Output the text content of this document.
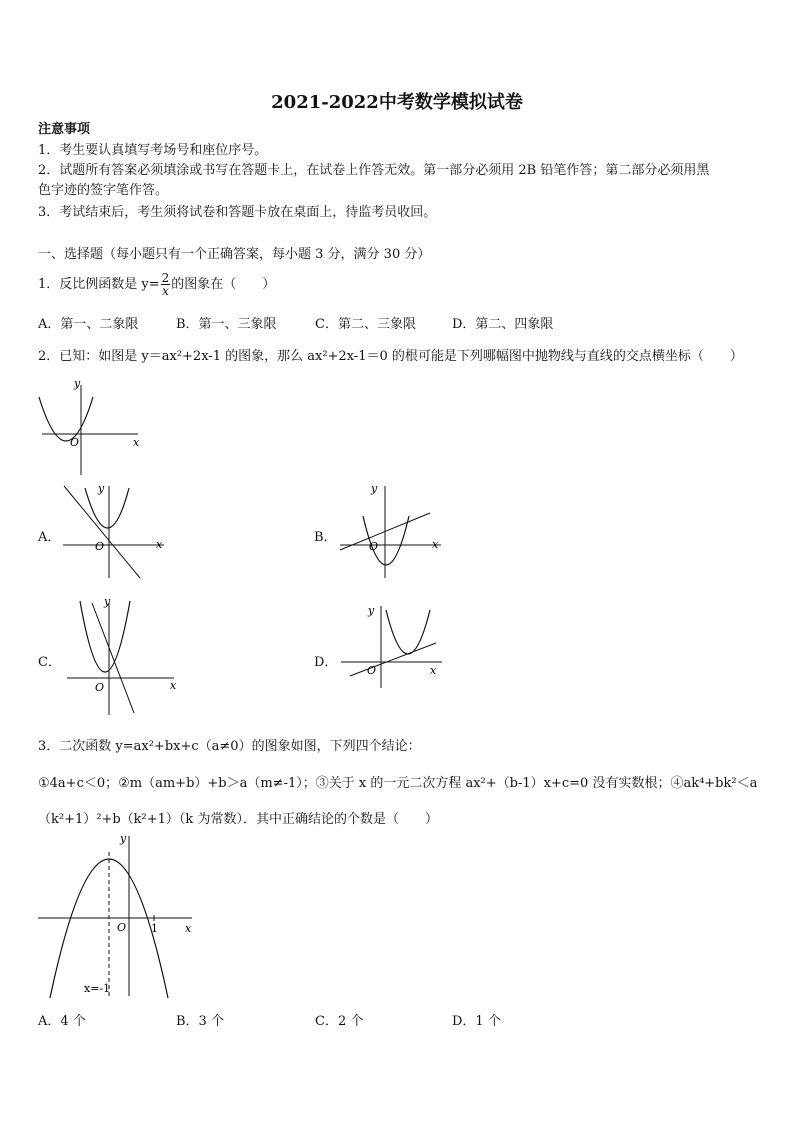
2021-2022中考数学模拟试卷
注意事项
1．考生要认真填写考场号和座位序号。
2．试题所有答案必须填涂或书写在答题卡上，在试卷上作答无效。第一部分必须用 2B 铅笔作答；第二部分必须用黑
色字迹的签字笔作答。
3．考试结束后，考生须将试卷和答题卡放在桌面上，待监考员收回。
一、选择题（每小题只有一个正确答案，每小题 3 分，满分 30 分）
1．反比例函数是 $y= \frac{2}{x}$ 的图象在（　　）
A．第一、二象限	B．第一、三象限	C．第二、三象限	D．第二、四象限
2．已知：如图是 y＝ax²+2x-1 的图象，那么 ax²+2x-1＝0 的根可能是下列哪幅图中抛物线与直线的交点横坐标（　　）
y
x
O
A．
y
x
O
B．
y
x
O
C．
y
x
O
D．
y
x
O
3．二次函数 y=ax²+bx+c（a≠0）的图象如图，下列四个结论：
①4a+c＜0；②m（am+b）+b＞a（m≠-1）；③关于 x 的一元二次方程 ax²+（b-1）x+c=0 没有实数根；④ak⁴+bk²＜a
（k²+1）²+b（k²+1）（k 为常数）．其中正确结论的个数是（　　）
y
x
O 1
x=-1
A．4 个	B．3 个	C．2 个	D．1 个
